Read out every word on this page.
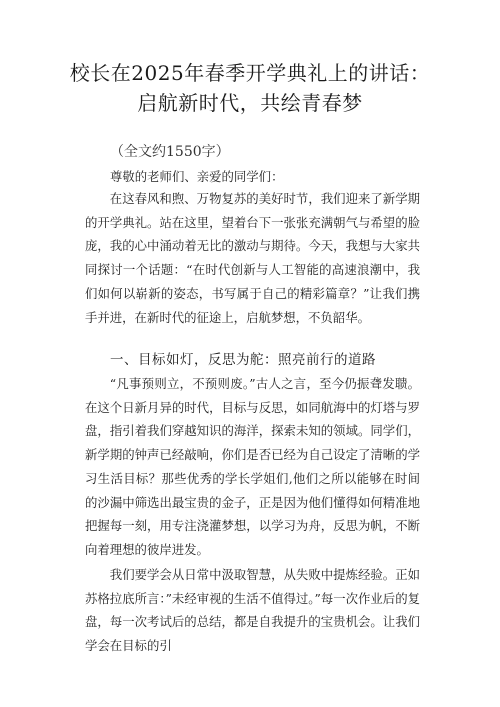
校长在2025年春季开学典礼上的讲话：启航新时代，共绘青春梦
（全文约1550字）
尊敬的老师们、亲爱的同学们：

在这春风和煦、万物复苏的美好时节，我们迎来了新学期的开学典礼。站在这里，望着台下一张张充满朝气与希望的脸庞，我的心中涌动着无比的激动与期待。今天，我想与大家共同探讨一个话题：“在时代创新与人工智能的高速浪潮中，我们如何以崭新的姿态，书写属于自己的精彩篇章？”让我们携手并进，在新时代的征途上，启航梦想，不负韶华。

一、目标如灯，反思为舵：照亮前行的道路

“凡事预则立，不预则废。”古人之言，至今仍振聋发聩。在这个日新月异的时代，目标与反思，如同航海中的灯塔与罗盘，指引着我们穿越知识的海洋，探索未知的领域。同学们，新学期的钟声已经敲响，你们是否已经为自己设定了清晰的学习生活目标？那些优秀的学长学姐们,他们之所以能够在时间的沙漏中筛选出最宝贵的金子，正是因为他们懂得如何精准地把握每一刻，用专注浇灌梦想，以学习为舟，反思为帆，不断向着理想的彼岸进发。

我们要学会从日常中汲取智慧，从失败中提炼经验。正如苏格拉底所言：”未经审视的生活不值得过。”每一次作业后的复盘，每一次考试后的总结，都是自我提升的宝贵机会。让我们学会在目标的引
